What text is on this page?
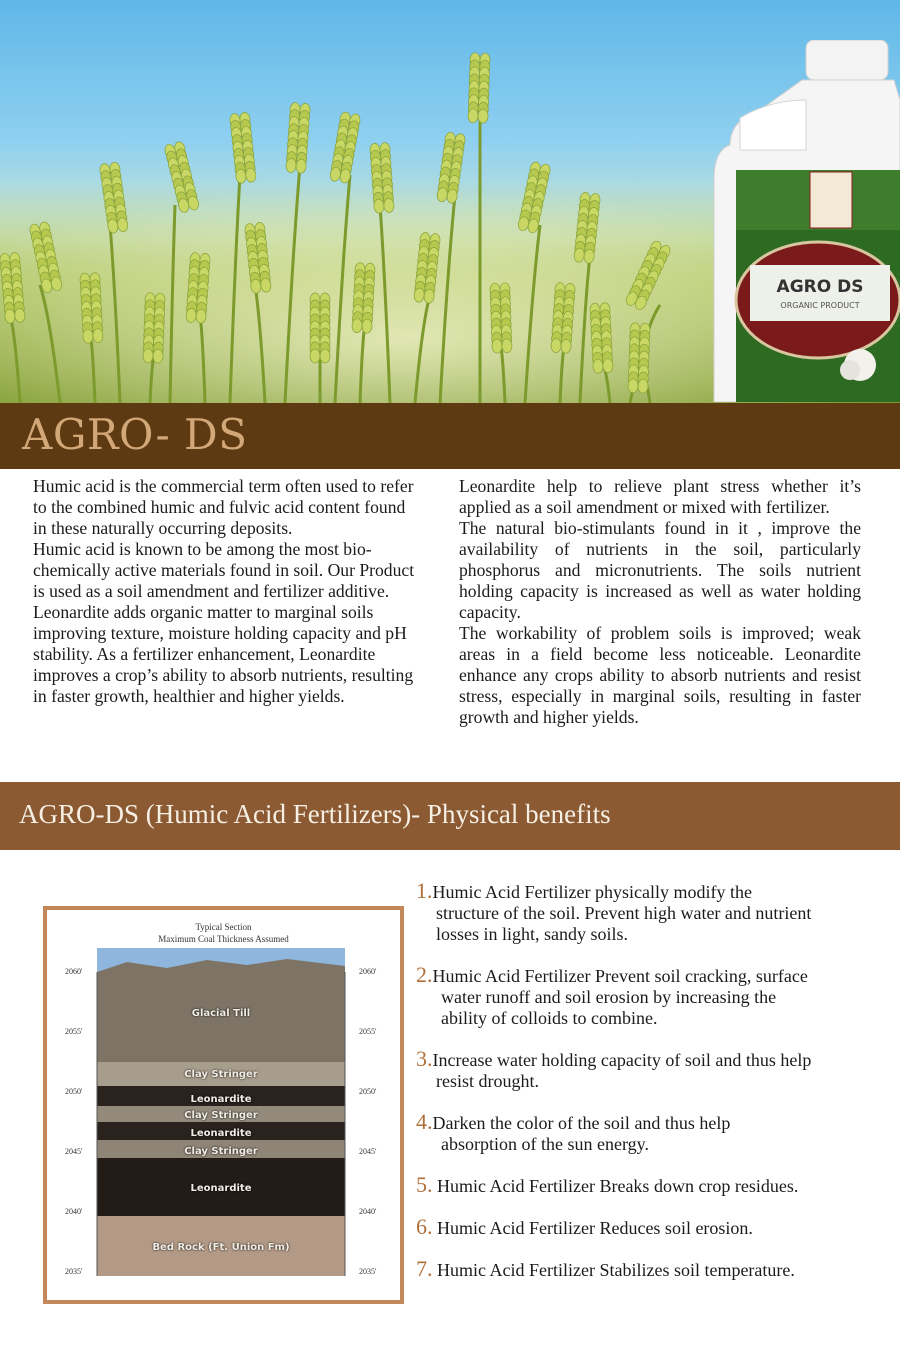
AGRO DS
ORGANIC PRODUCT
AGRO- DS

Humic acid is the commercial term often used to refer to the combined humic and fulvic acid content found in these naturally occurring deposits.

Humic acid is known to be among the most bio-chemically active materials found in soil. Our Product is used as a soil amendment and fertilizer additive.

Leonardite adds organic matter to marginal soils improving texture, moisture holding capacity and pH stability. As a fertilizer enhancement, Leonardite improves a crop’s ability to absorb nutrients, resulting in faster growth, healthier and higher yields.

Leonardite help to relieve plant stress whether it’s applied as a soil amendment or mixed with fertilizer.

The natural bio-stimulants found in it , improve the availability of nutrients in the soil, particularly phosphorus and micronutrients. The soils nutrient holding capacity is increased as well as water holding capacity.

The workability of problem soils is improved; weak areas in a field become less noticeable. Leonardite enhance any crops ability to absorb nutrients and resist stress, especially in marginal soils, resulting in faster growth and higher yields.

AGRO-DS (Humic Acid Fertilizers)- Physical benefits
Typical Section
Maximum Coal Thickness Assumed
2060'
2055'
2050'
2045'
2040'
2035'
2060'
2055'
2050'
2045'
2040'
2035'
Glacial Till
Clay Stringer
Leonardite
Clay Stringer
Leonardite
Clay Stringer
Leonardite
Bed Rock (Ft. Union Fm)
1.Humic Acid Fertilizer physically modify the
structure of the soil. Prevent high water and nutrient
losses in light, sandy soils.
2.Humic Acid Fertilizer Prevent soil cracking, surface
water runoff and soil erosion by increasing the
ability of colloids to combine.
3.Increase water holding capacity of soil and thus help
resist drought.
4.Darken the color of the soil and thus help
absorption of the sun energy.
5. Humic Acid Fertilizer Breaks down crop residues.
6. Humic Acid Fertilizer Reduces soil erosion.
7. Humic Acid Fertilizer Stabilizes soil temperature.
